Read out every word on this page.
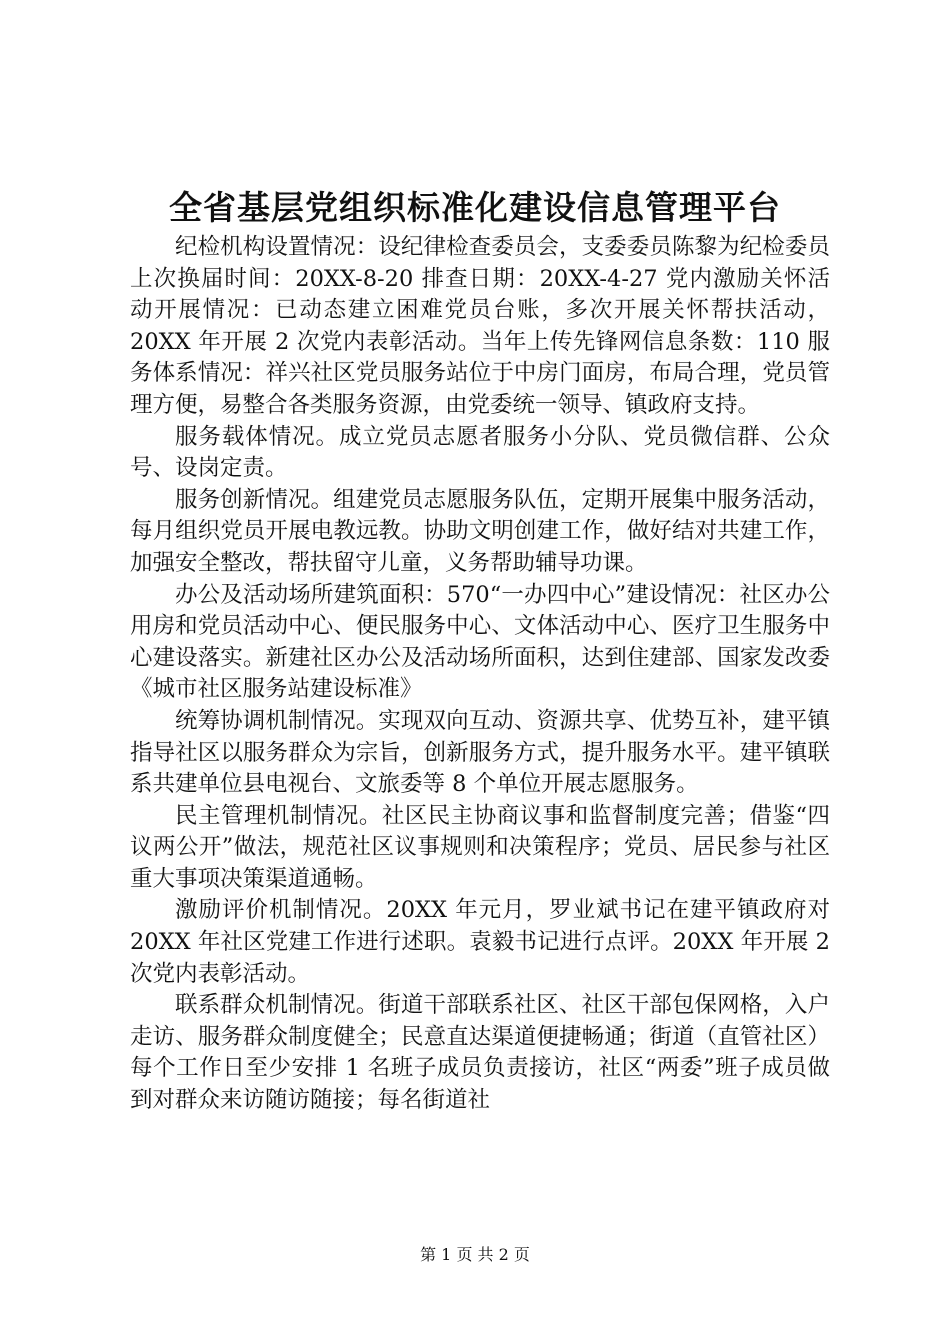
全省基层党组织标准化建设信息管理平台

纪检机构设置情况：设纪律检查委员会，支委委员陈黎为纪检委员上次换届时间：20XX-8-20 排查日期：20XX-4-27 党内激励关怀活动开展情况：已动态建立困难党员台账，多次开展关怀帮扶活动，20XX 年开展 2 次党内表彰活动。当年上传先锋网信息条数：110 服务体系情况：祥兴社区党员服务站位于中房门面房，布局合理，党员管理方便，易整合各类服务资源，由党委统一领导、镇政府支持。

服务载体情况。成立党员志愿者服务小分队、党员微信群、公众号、设岗定责。

服务创新情况。组建党员志愿服务队伍，定期开展集中服务活动，每月组织党员开展电教远教。协助文明创建工作，做好结对共建工作，加强安全整改，帮扶留守儿童，义务帮助辅导功课。

办公及活动场所建筑面积：570“一办四中心”建设情况：社区办公用房和党员活动中心、便民服务中心、文体活动中心、医疗卫生服务中心建设落实。新建社区办公及活动场所面积，达到住建部、国家发改委《城市社区服务站建设标准》

统筹协调机制情况。实现双向互动、资源共享、优势互补，建平镇指导社区以服务群众为宗旨，创新服务方式，提升服务水平。建平镇联系共建单位县电视台、文旅委等 8 个单位开展志愿服务。

民主管理机制情况。社区民主协商议事和监督制度完善；借鉴“四议两公开”做法，规范社区议事规则和决策程序；党员、居民参与社区重大事项决策渠道通畅。

激励评价机制情况。20XX 年元月，罗业斌书记在建平镇政府对 20XX 年社区党建工作进行述职。袁毅书记进行点评。20XX 年开展 2 次党内表彰活动。

联系群众机制情况。街道干部联系社区、社区干部包保网格，入户走访、服务群众制度健全；民意直达渠道便捷畅通；街道（直管社区）每个工作日至少安排 1 名班子成员负责接访，社区“两委”班子成员做到对群众来访随访随接；每名街道社

第 1 页 共 2 页
